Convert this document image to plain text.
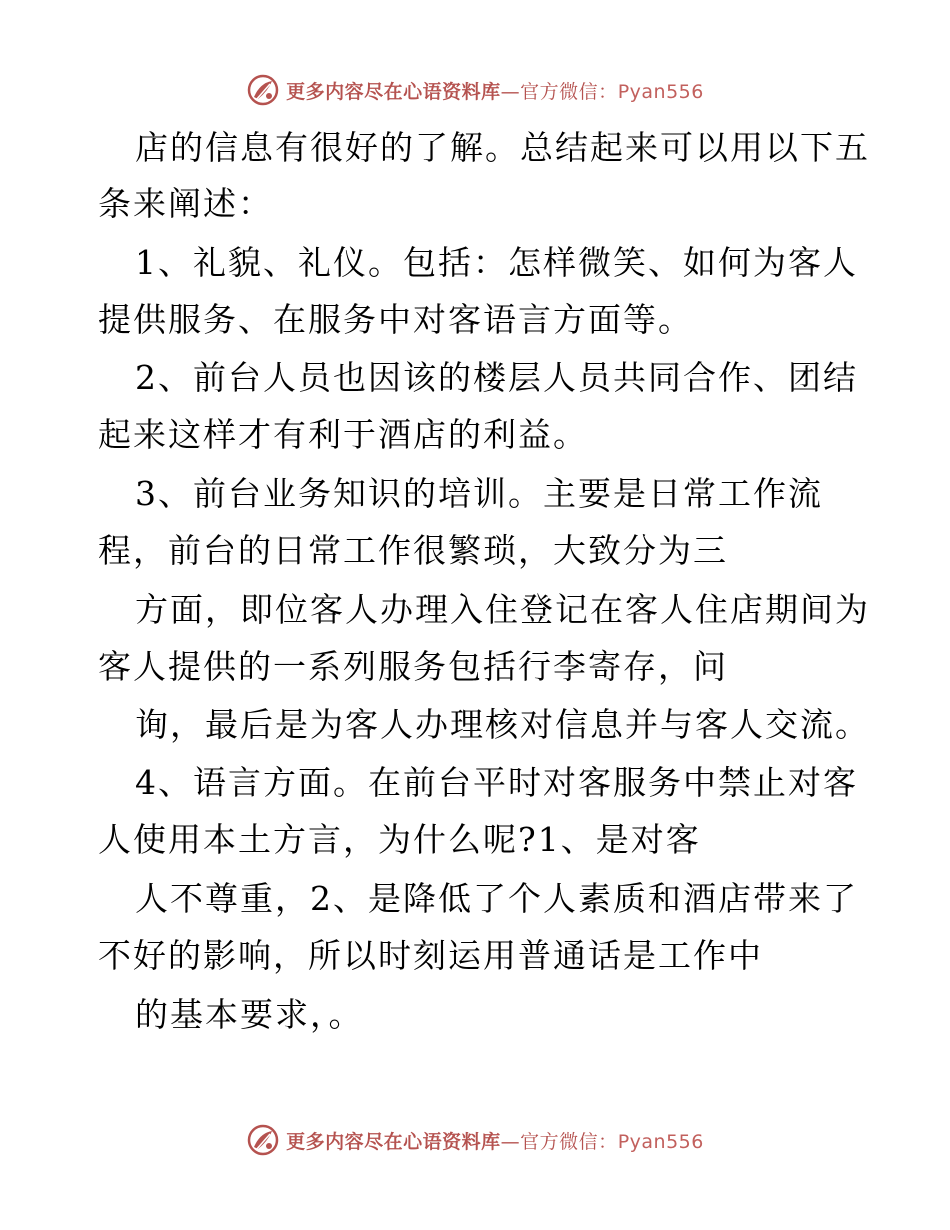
更多内容尽在心语资料库—官方微信：Pyan556
店的信息有很好的了解。总结起来可以用以下五
条来阐述：
1、礼貌、礼仪。包括：怎样微笑、如何为客人
提供服务、在服务中对客语言方面等。
2、前台人员也因该的楼层人员共同合作、团结
起来这样才有利于酒店的利益。
3、前台业务知识的培训。主要是日常工作流
程，前台的日常工作很繁琐，大致分为三
方面，即位客人办理入住登记在客人住店期间为
客人提供的一系列服务包括行李寄存，问
询，最后是为客人办理核对信息并与客人交流。
4、语言方面。在前台平时对客服务中禁止对客
人使用本土方言，为什么呢?1、是对客
人不尊重，2、是降低了个人素质和酒店带来了
不好的影响，所以时刻运用普通话是工作中
的基本要求，。
更多内容尽在心语资料库—官方微信：Pyan556
